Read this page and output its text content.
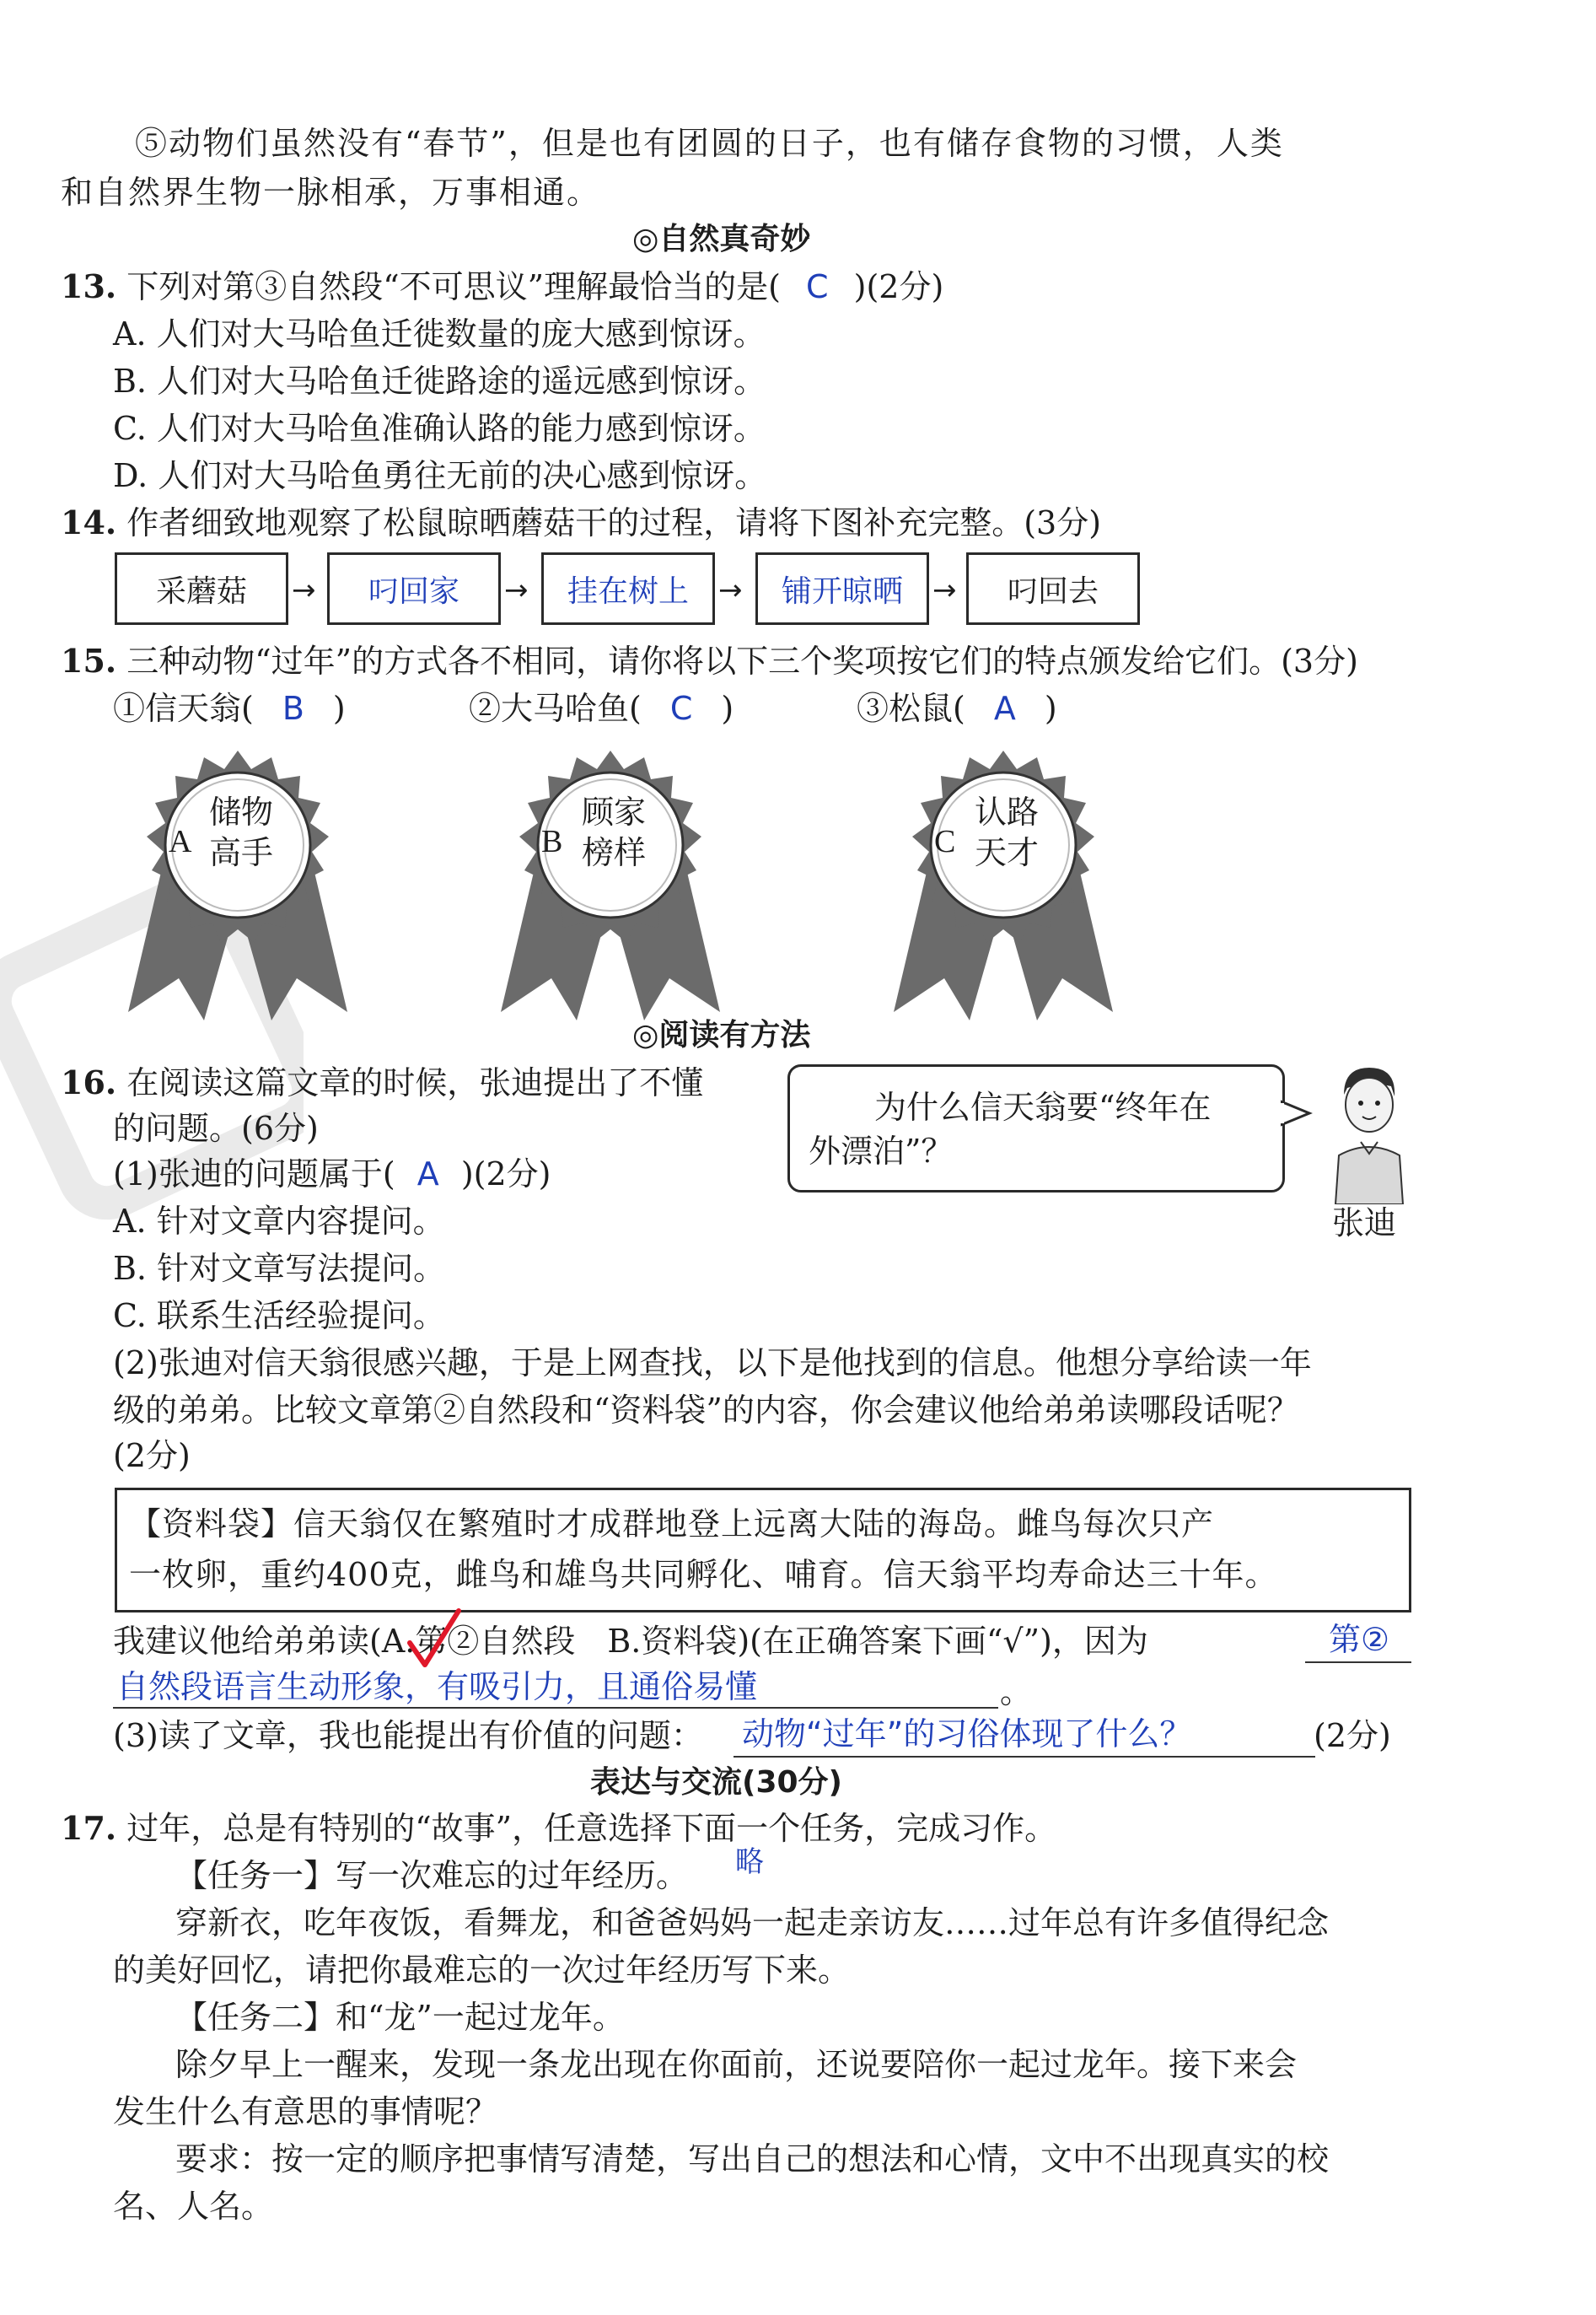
⑤动物们虽然没有“春节”，但是也有团圆的日子，也有储存食物的习惯，人类
和自然界生物一脉相承，万事相通。
◎自然真奇妙
13. 下列对第③自然段“不可思议”理解最恰当的是( C )(2分)
A. 人们对大马哈鱼迁徙数量的庞大感到惊讶。
B. 人们对大马哈鱼迁徙路途的遥远感到惊讶。
C. 人们对大马哈鱼准确认路的能力感到惊讶。
D. 人们对大马哈鱼勇往无前的决心感到惊讶。
14. 作者细致地观察了松鼠晾晒蘑菇干的过程，请将下图补充完整。(3分)
采蘑菇	→	叼回家	→	挂在树上	→	铺开晾晒	→	叼回去
15. 三种动物“过年”的方式各不相同，请你将以下三个奖项按它们的特点颁发给它们。(3分)
①信天翁( B )	②大马哈鱼( C )	③松鼠( A )
A
储物
高手	B
顾家
榜样	C
认路
天才
◎阅读有方法
16. 在阅读这篇文章的时候，张迪提出了不懂
的问题。(6分)
为什么信天翁要“终年在
外漂泊”？
张迪
(1)张迪的问题属于( A )(2分)
A. 针对文章内容提问。
B. 针对文章写法提问。
C. 联系生活经验提问。
(2)张迪对信天翁很感兴趣，于是上网查找，以下是他找到的信息。他想分享给读一年
级的弟弟。比较文章第②自然段和“资料袋”的内容，你会建议他给弟弟读哪段话呢？
(2分)
【资料袋】信天翁仅在繁殖时才成群地登上远离大陆的海岛。雌鸟每次只产
一枚卵，重约400克，雌鸟和雄鸟共同孵化、哺育。信天翁平均寿命达三十年。
我建议他给弟弟读(A.第②自然段　B.资料袋)(在正确答案下画“√”)，因为	第②
自然段语言生动形象，有吸引力，且通俗易懂	。
(3)读了文章，我也能提出有价值的问题： 动物“过年”的习俗体现了什么？	(2分)
表达与交流(30分)
17. 过年，总是有特别的“故事”，任意选择下面一个任务，完成习作。
【任务一】写一次难忘的过年经历。 略
穿新衣，吃年夜饭，看舞龙，和爸爸妈妈一起走亲访友……过年总有许多值得纪念
的美好回忆，请把你最难忘的一次过年经历写下来。
【任务二】和“龙”一起过龙年。
除夕早上一醒来，发现一条龙出现在你面前，还说要陪你一起过龙年。接下来会
发生什么有意思的事情呢？
要求：按一定的顺序把事情写清楚，写出自己的想法和心情，文中不出现真实的校
名、人名。
